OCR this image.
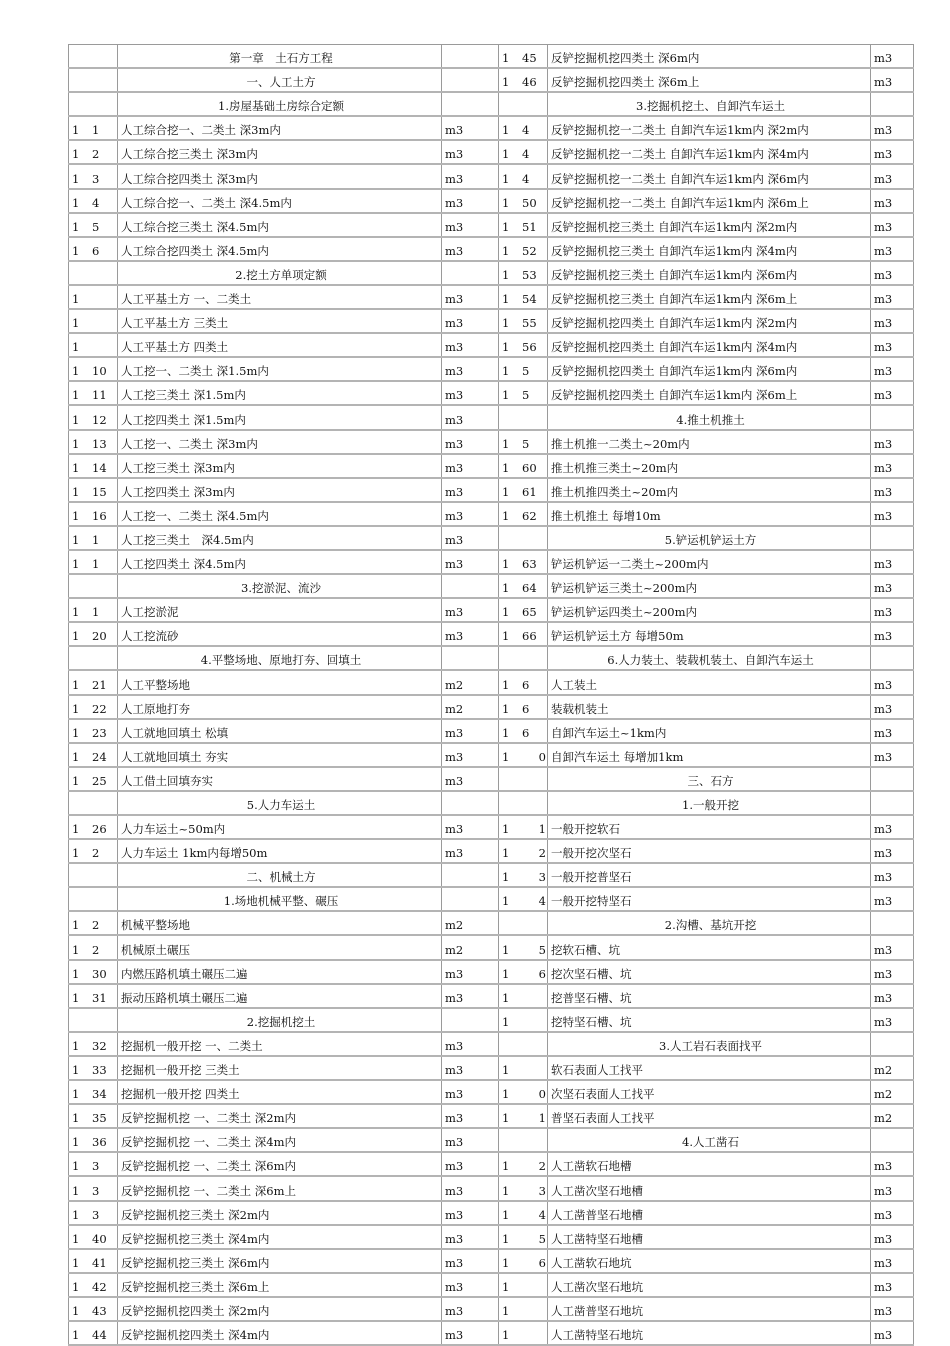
	第一章　土石方工程		1 45	反铲挖掘机挖四类土 深6m内	m3
	一、人工土方		1 46	反铲挖掘机挖四类土 深6m上	m3
	1.房屋基础土房综合定额			3.挖掘机挖土、自卸汽车运土	
1 1	人工综合挖一、二类土 深3m内	m3	1 4	反铲挖掘机挖一二类土 自卸汽车运1km内 深2m内	m3
1 2	人工综合挖三类土 深3m内	m3	1 4	反铲挖掘机挖一二类土 自卸汽车运1km内 深4m内	m3
1 3	人工综合挖四类土 深3m内	m3	1 4	反铲挖掘机挖一二类土 自卸汽车运1km内 深6m内	m3
1 4	人工综合挖一、二类土 深4.5m内	m3	1 50	反铲挖掘机挖一二类土 自卸汽车运1km内 深6m上	m3
1 5	人工综合挖三类土 深4.5m内	m3	1 51	反铲挖掘机挖三类土 自卸汽车运1km内 深2m内	m3
1 6	人工综合挖四类土 深4.5m内	m3	1 52	反铲挖掘机挖三类土 自卸汽车运1km内 深4m内	m3
	2.挖土方单项定额		1 53	反铲挖掘机挖三类土 自卸汽车运1km内 深6m内	m3
1	人工平基土方 一、二类土	m3	1 54	反铲挖掘机挖三类土 自卸汽车运1km内 深6m上	m3
1	人工平基土方 三类土	m3	1 55	反铲挖掘机挖四类土 自卸汽车运1km内 深2m内	m3
1	人工平基土方 四类土	m3	1 56	反铲挖掘机挖四类土 自卸汽车运1km内 深4m内	m3
1 10	人工挖一、二类土 深1.5m内	m3	1 5	反铲挖掘机挖四类土 自卸汽车运1km内 深6m内	m3
1 11	人工挖三类土 深1.5m内	m3	1 5	反铲挖掘机挖四类土 自卸汽车运1km内 深6m上	m3
1 12	人工挖四类土 深1.5m内	m3		4.推土机推土	
1 13	人工挖一、二类土 深3m内	m3	1 5	推土机推一二类土~20m内	m3
1 14	人工挖三类土 深3m内	m3	1 60	推土机推三类土~20m内	m3
1 15	人工挖四类土 深3m内	m3	1 61	推土机推四类土~20m内	m3
1 16	人工挖一、二类土 深4.5m内	m3	1 62	推土机推土 每增10m	m3
1 1	人工挖三类土　深4.5m内	m3		5.铲运机铲运土方	
1 1	人工挖四类土 深4.5m内	m3	1 63	铲运机铲运一二类土~200m内	m3
	3.挖淤泥、流沙		1 64	铲运机铲运三类土~200m内	m3
1 1	人工挖淤泥	m3	1 65	铲运机铲运四类土~200m内	m3
1 20	人工挖流砂	m3	1 66	铲运机铲运土方 每增50m	m3
	4.平整场地、原地打夯、回填土			6.人力装土、装载机装土、自卸汽车运土	
1 21	人工平整场地	m2	1 6	人工装土	m3
1 22	人工原地打夯	m2	1 6	装载机装土	m3
1 23	人工就地回填土 松填	m3	1 6	自卸汽车运土~1km内	m3
1 24	人工就地回填土 夯实	m3	1 0	自卸汽车运土 每增加1km	m3
1 25	人工借土回填夯实	m3		三、石方	
	5.人力车运土			1.一般开挖	
1 26	人力车运土~50m内	m3	1 1	一般开挖软石	m3
1 2	人力车运土 1km内每增50m	m3	1 2	一般开挖次坚石	m3
	二、机械土方		1 3	一般开挖普坚石	m3
	1.场地机械平整、碾压		1 4	一般开挖特坚石	m3
1 2	机械平整场地	m2		2.沟槽、基坑开挖	
1 2	机械原土碾压	m2	1 5	挖软石槽、坑	m3
1 30	内燃压路机填土碾压二遍	m3	1 6	挖次坚石槽、坑	m3
1 31	振动压路机填土碾压二遍	m3	1	挖普坚石槽、坑	m3
	2.挖掘机挖土		1	挖特坚石槽、坑	m3
1 32	挖掘机一般开挖 一、二类土	m3		3.人工岩石表面找平	
1 33	挖掘机一般开挖 三类土	m3	1	软石表面人工找平	m2
1 34	挖掘机一般开挖 四类土	m3	1 0	次坚石表面人工找平	m2
1 35	反铲挖掘机挖 一、二类土 深2m内	m3	1 1	普坚石表面人工找平	m2
1 36	反铲挖掘机挖 一、二类土 深4m内	m3		4.人工凿石	
1 3	反铲挖掘机挖 一、二类土 深6m内	m3	1 2	人工凿软石地槽	m3
1 3	反铲挖掘机挖 一、二类土 深6m上	m3	1 3	人工凿次坚石地槽	m3
1 3	反铲挖掘机挖三类土 深2m内	m3	1 4	人工凿普坚石地槽	m3
1 40	反铲挖掘机挖三类土 深4m内	m3	1 5	人工凿特坚石地槽	m3
1 41	反铲挖掘机挖三类土 深6m内	m3	1 6	人工凿软石地坑	m3
1 42	反铲挖掘机挖三类土 深6m上	m3	1	人工凿次坚石地坑	m3
1 43	反铲挖掘机挖四类土 深2m内	m3	1	人工凿普坚石地坑	m3
1 44	反铲挖掘机挖四类土 深4m内	m3	1	人工凿特坚石地坑	m3
